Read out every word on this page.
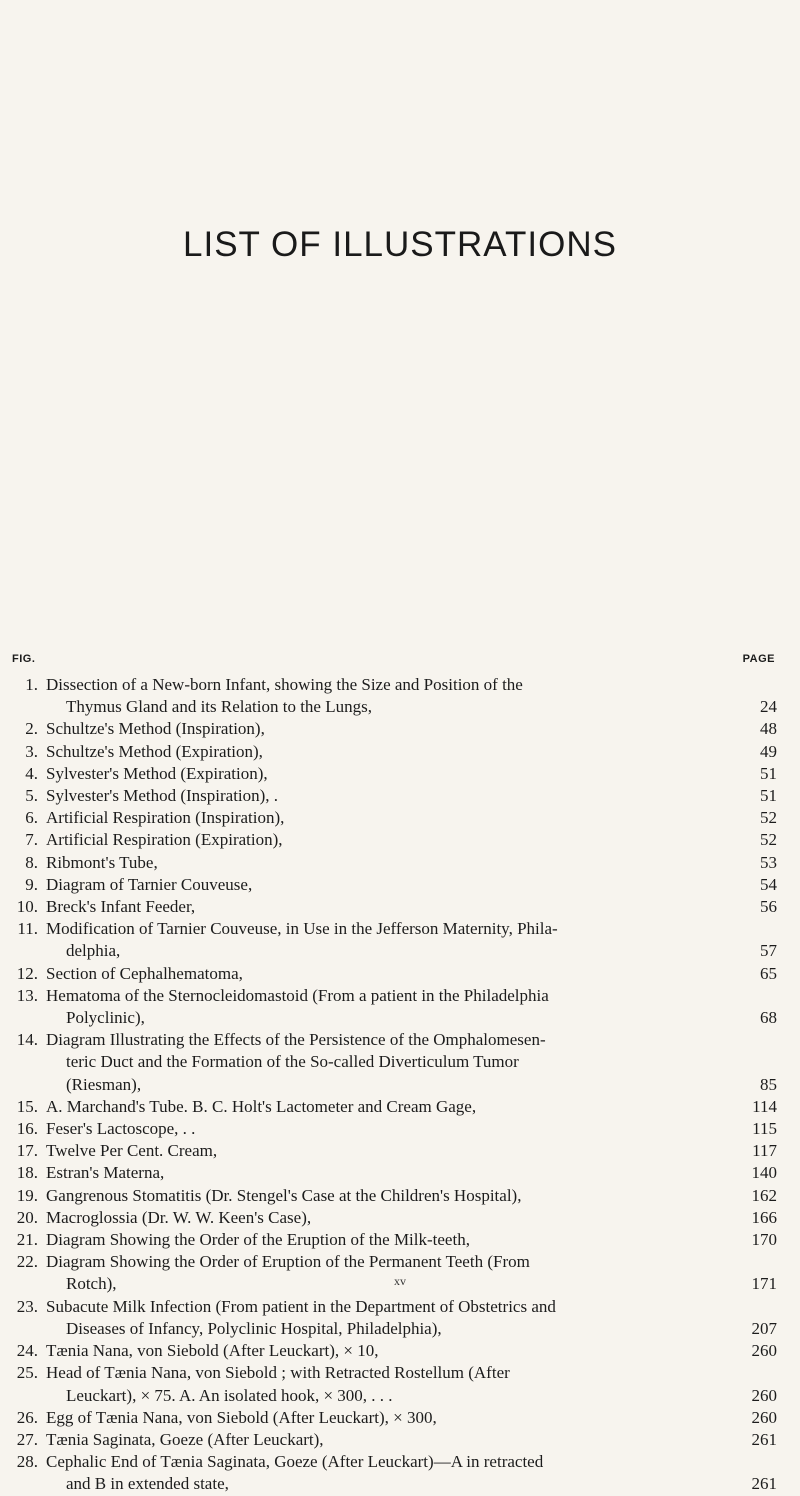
LIST OF ILLUSTRATIONS
FIG.	PAGE
1. Dissection of a New-born Infant, showing the Size and Position of the
Thymus Gland and its Relation to the Lungs,	24
2. Schultze's Method (Inspiration),	48
3. Schultze's Method (Expiration),	49
4. Sylvester's Method (Expiration),	51
5. Sylvester's Method (Inspiration), .	51
6. Artificial Respiration (Inspiration),	52
7. Artificial Respiration (Expiration),	52
8. Ribmont's Tube,	53
9. Diagram of Tarnier Couveuse,	54
10. Breck's Infant Feeder,	56
11. Modification of Tarnier Couveuse, in Use in the Jefferson Maternity, Phila-
delphia,	57
12. Section of Cephalhematoma,	65
13. Hematoma of the Sternocleidomastoid (From a patient in the Philadelphia
Polyclinic),	68
14. Diagram Illustrating the Effects of the Persistence of the Omphalomesen-
teric Duct and the Formation of the So-called Diverticulum Tumor
(Riesman),	85
15. A. Marchand's Tube. B. C. Holt's Lactometer and Cream Gage,	114
16. Feser's Lactoscope, . .	115
17. Twelve Per Cent. Cream,	117
18. Estran's Materna,	140
19. Gangrenous Stomatitis (Dr. Stengel's Case at the Children's Hospital),	162
20. Macroglossia (Dr. W. W. Keen's Case),	166
21. Diagram Showing the Order of the Eruption of the Milk-teeth,	170
22. Diagram Showing the Order of Eruption of the Permanent Teeth (From
Rotch),	171
23. Subacute Milk Infection (From patient in the Department of Obstetrics and
Diseases of Infancy, Polyclinic Hospital, Philadelphia),	207
24. Tænia Nana, von Siebold (After Leuckart), × 10,	260
25. Head of Tænia Nana, von Siebold ; with Retracted Rostellum (After
Leuckart), × 75. A. An isolated hook, × 300, . . .	260
26. Egg of Tænia Nana, von Siebold (After Leuckart), × 300,	260
27. Tænia Saginata, Goeze (After Leuckart),	261
28. Cephalic End of Tænia Saginata, Goeze (After Leuckart)—A in retracted
and B in extended state,	261
xv
